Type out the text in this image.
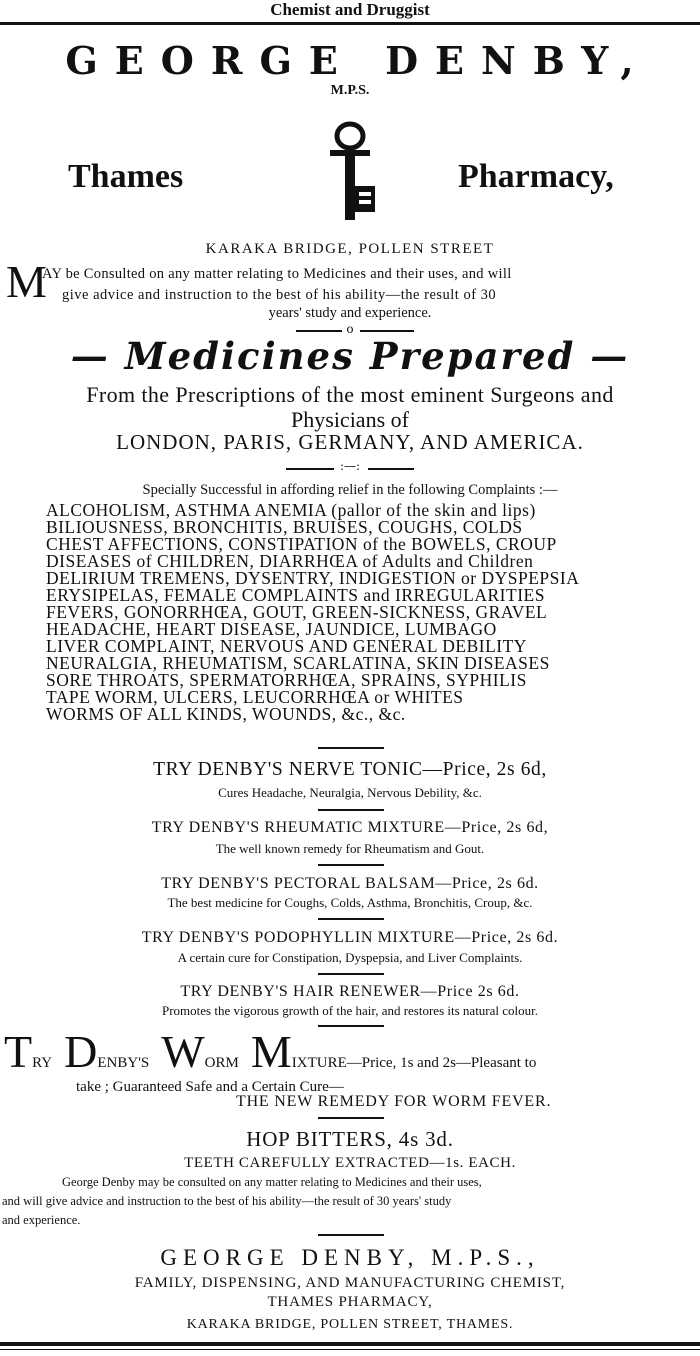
Chemist and Druggist
GEORGE DENBY,
M.P.S.
Thames	Pharmacy,
KARAKA BRIDGE, POLLEN STREET
M
AY be Consulted on any matter relating to Medicines and their uses, and will
give advice and instruction to the best of his ability—the result of 30
years' study and experience.
o
— Medicines Prepared —
From the Prescriptions of the most eminent Surgeons and
Physicians of
LONDON, PARIS, GERMANY, AND AMERICA.
:—:
Specially Successful in affording relief in the following Complaints :—
ALCOHOLISM, ASTHMA ANEMIA (pallor of the skin and lips)
BILIOUSNESS, BRONCHITIS, BRUISES, COUGHS, COLDS
CHEST AFFECTIONS, CONSTIPATION of the BOWELS, CROUP
DISEASES of CHILDREN, DIARRHŒA of Adults and Children
DELIRIUM TREMENS, DYSENTRY, INDIGESTION or DYSPEPSIA
ERYSIPELAS, FEMALE COMPLAINTS and IRREGULARITIES
FEVERS, GONORRHŒA, GOUT, GREEN-SICKNESS, GRAVEL
HEADACHE, HEART DISEASE, JAUNDICE, LUMBAGO
LIVER COMPLAINT, NERVOUS AND GENERAL DEBILITY
NEURALGIA, RHEUMATISM, SCARLATINA, SKIN DISEASES
SORE THROATS, SPERMATORRHŒA, SPRAINS, SYPHILIS
TAPE WORM, ULCERS, LEUCORRHŒA or WHITES
WORMS OF ALL KINDS, WOUNDS, &c., &c.
TRY DENBY'S NERVE TONIC—Price, 2s 6d,
Cures Headache, Neuralgia, Nervous Debility, &c.
TRY DENBY'S RHEUMATIC MIXTURE—Price, 2s 6d,
The well known remedy for Rheumatism and Gout.
TRY DENBY'S PECTORAL BALSAM—Price, 2s 6d.
The best medicine for Coughs, Colds, Asthma, Bronchitis, Croup, &c.
TRY DENBY'S PODOPHYLLIN MIXTURE—Price, 2s 6d.
A certain cure for Constipation, Dyspepsia, and Liver Complaints.
TRY DENBY'S HAIR RENEWER—Price 2s 6d.
Promotes the vigorous growth of the hair, and restores its natural colour.
TRY DENBY'S WORM MIXTURE—Price, 1s and 2s—Pleasant to
take ; Guaranteed Safe and a Certain Cure—
THE NEW REMEDY FOR WORM FEVER.
HOP BITTERS, 4s 3d.
TEETH CAREFULLY EXTRACTED—1s. EACH.
George Denby may be consulted on any matter relating to Medicines and their uses,
and will give advice and instruction to the best of his ability—the result of 30 years' study
and experience.
GEORGE DENBY, M.P.S.,
FAMILY, DISPENSING, AND MANUFACTURING CHEMIST,
THAMES PHARMACY,
KARAKA BRIDGE, POLLEN STREET, THAMES.
